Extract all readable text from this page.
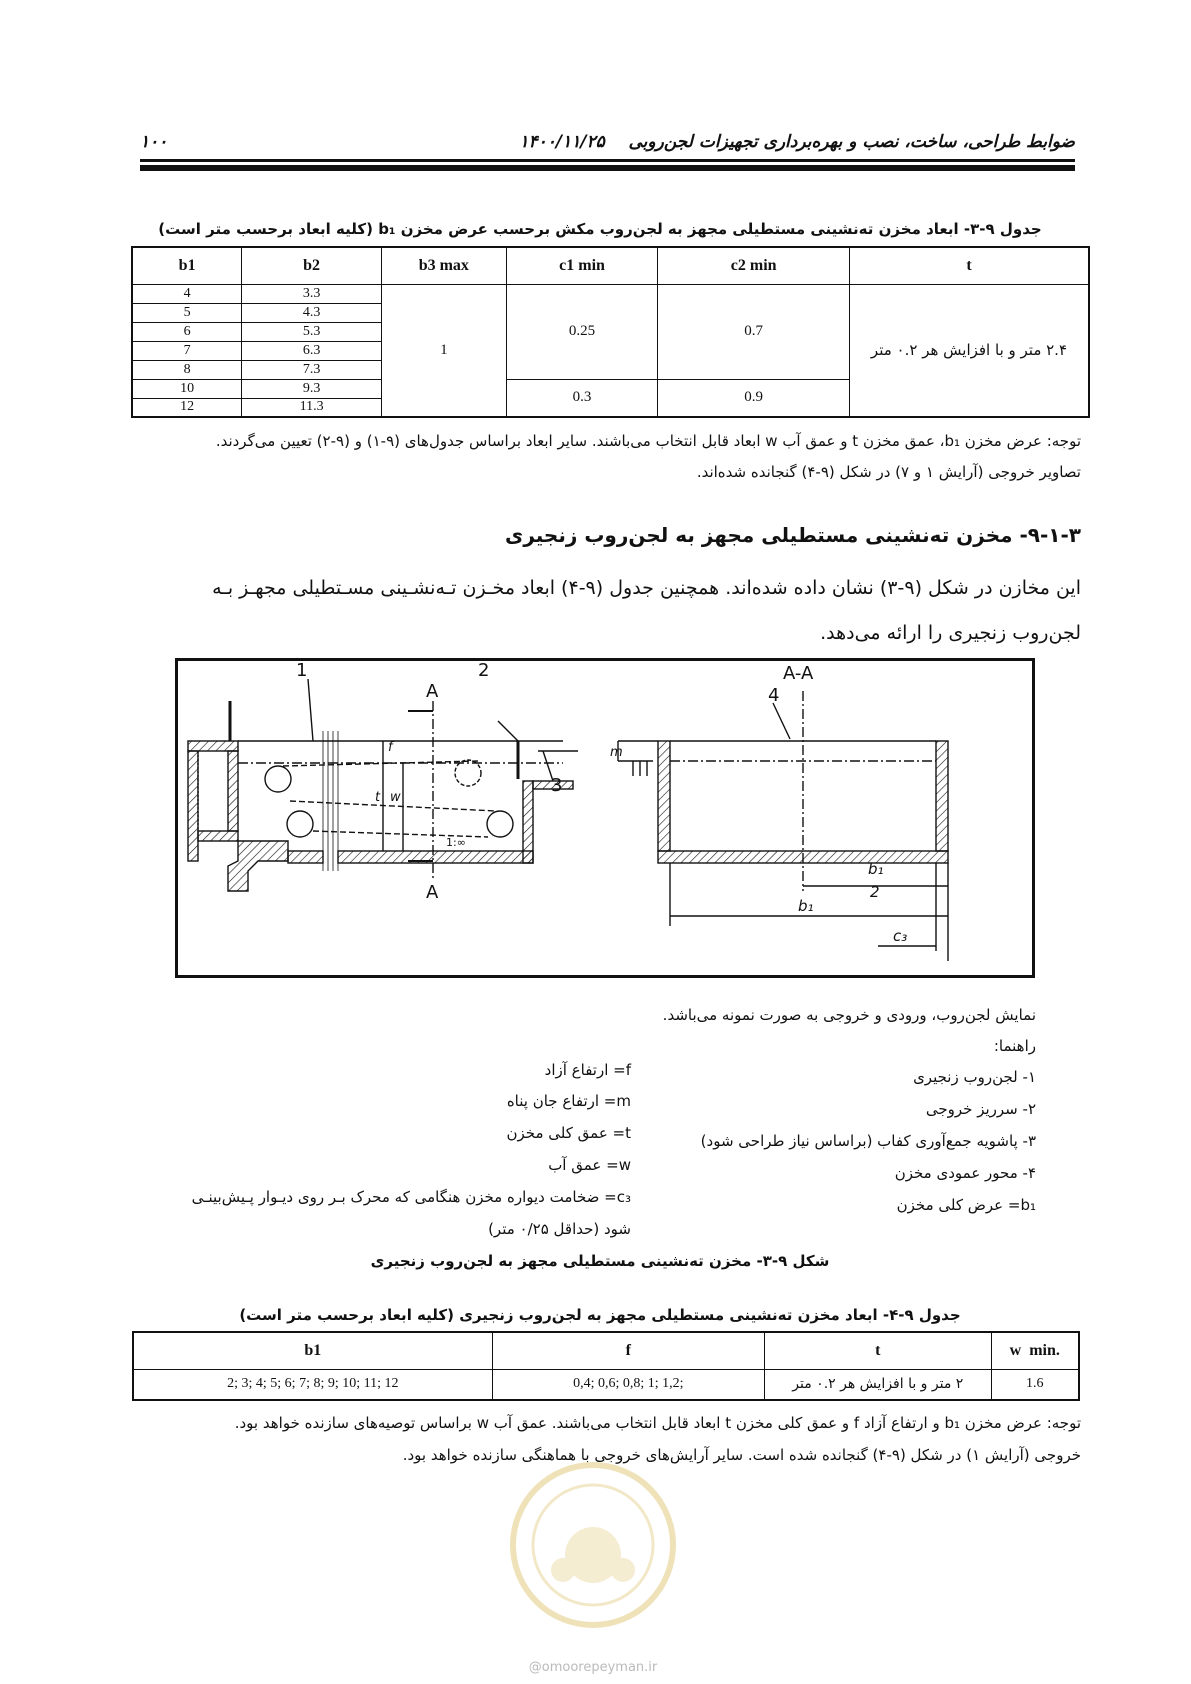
ضوابط طراحی، ساخت، نصب و بهره‌برداری تجهیزات لجن‌روبی    ۱۴۰۰/۱۱/۲۵
۱۰۰
جدول ۹-۳- ابعاد مخزن ته‌نشینی مستطیلی مجهز به لجن‌روب مکش برحسب عرض مخزن b₁ (کلیه ابعاد برحسب متر است)
b1	b2	b3 max	c1 min	c2 min	t
4	3.3	1	0.25	0.7	۲.۴ متر و با افزایش هر ۰.۲ متر
5	4.3				
6	5.3				
7	6.3				
8	7.3				
10	9.3		0.3	0.9	
12	11.3				
توجه: عرض مخزن b₁، عمق مخزن t و عمق آب w ابعاد قابل انتخاب می‌باشند. سایر ابعاد براساس جدول‌های (۹-۱) و (۹-۲) تعیین می‌گردند.
تصاویر خروجی (آرایش ۱ و ۷) در شکل (۹-۴) گنجانده شده‌اند.
۹-۱-۳- مخزن ته‌نشینی مستطیلی مجهز به لجن‌روب زنجیری
این مخازن در شکل (۹-۳) نشان داده شده‌اند. همچنین جدول (۹-۴) ابعاد مخـزن تـه‌نشـینی مسـتطیلی مجهـز بـه
لجن‌روب زنجیری را ارائه می‌دهد.
A
A
1	2
3
4
A-A
f
w
t
m
1:∞
b₁
2
b₁
c₃
نمایش لجن‌روب، ورودی و خروجی به صورت نمونه می‌باشد.
راهنما:
۱- لجن‌روب زنجیری
۲- سرریز خروجی
۳- پاشویه جمع‌آوری کفاب (براساس نیاز طراحی شود)
۴- محور عمودی مخزن
b₁= عرض کلی مخزن
f= ارتفاع آزاد
m= ارتفاع جان پناه
t= عمق کلی مخزن
w= عمق آب
c₃= ضخامت دیواره مخزن هنگامی که محرک بـر روی دیـوار پـیش‌بینـی
شود (حداقل ۰/۲۵ متر)
شکل ۹-۳- مخزن ته‌نشینی مستطیلی مجهز به لجن‌روب زنجیری
جدول ۹-۴- ابعاد مخزن ته‌نشینی مستطیلی مجهز به لجن‌روب زنجیری (کلیه ابعاد برحسب متر است)
b1	f	t	w  min.
2; 3; 4; 5; 6; 7; 8; 9; 10; 11; 12	0,4; 0,6; 0,8; 1; 1,2;	۲ متر و با افزایش هر ۰.۲ متر	1.6
توجه: عرض مخزن b₁ و ارتفاع آزاد f و عمق کلی مخزن t ابعاد قابل انتخاب می‌باشند. عمق آب w براساس توصیه‌های سازنده خواهد بود.
خروجی (آرایش ۱) در شکل (۹-۴) گنجانده شده است. سایر آرایش‌های خروجی با هماهنگی سازنده خواهد بود.
@omoorepeyman.ir
